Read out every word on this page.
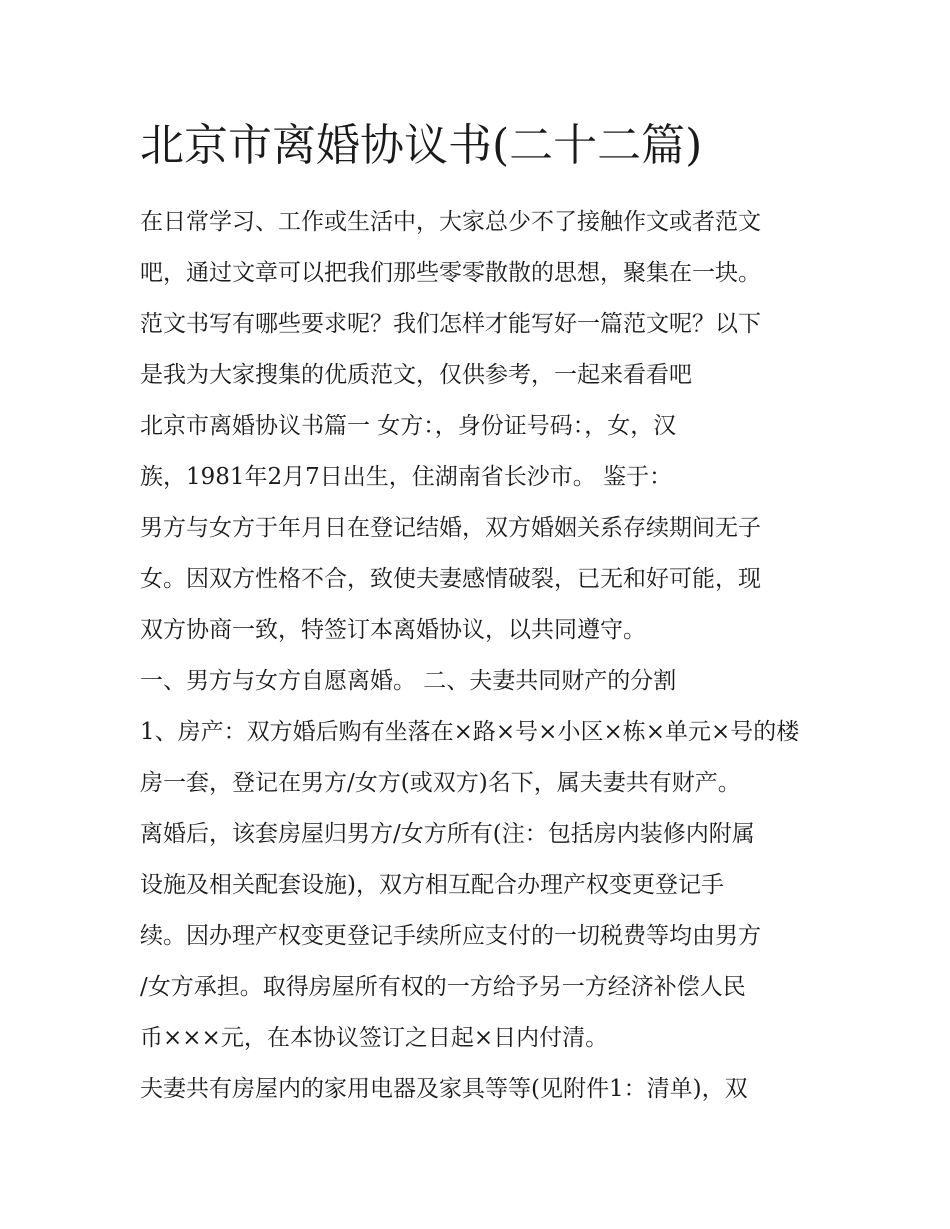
北京市离婚协议书(二十二篇)

在日常学习、工作或生活中，大家总少不了接触作文或者范文

吧，通过文章可以把我们那些零零散散的思想，聚集在一块。

范文书写有哪些要求呢？我们怎样才能写好一篇范文呢？以下

是我为大家搜集的优质范文，仅供参考，一起来看看吧

北京市离婚协议书篇一 女方：，身份证号码：，女，汉

族，1981年2月7日出生，住湖南省长沙市。 鉴于：

男方与女方于年月日在登记结婚，双方婚姻关系存续期间无子

女。因双方性格不合，致使夫妻感情破裂，已无和好可能，现

双方协商一致，特签订本离婚协议，以共同遵守。

一、男方与女方自愿离婚。 二、夫妻共同财产的分割

1、房产：双方婚后购有坐落在×路×号×小区×栋×单元×号的楼

房一套，登记在男方/女方(或双方)名下，属夫妻共有财产。

离婚后，该套房屋归男方/女方所有(注：包括房内装修内附属

设施及相关配套设施)，双方相互配合办理产权变更登记手

续。因办理产权变更登记手续所应支付的一切税费等均由男方

/女方承担。取得房屋所有权的一方给予另一方经济补偿人民

币×××元，在本协议签订之日起×日内付清。

夫妻共有房屋内的家用电器及家具等等(见附件1：清单)，双
